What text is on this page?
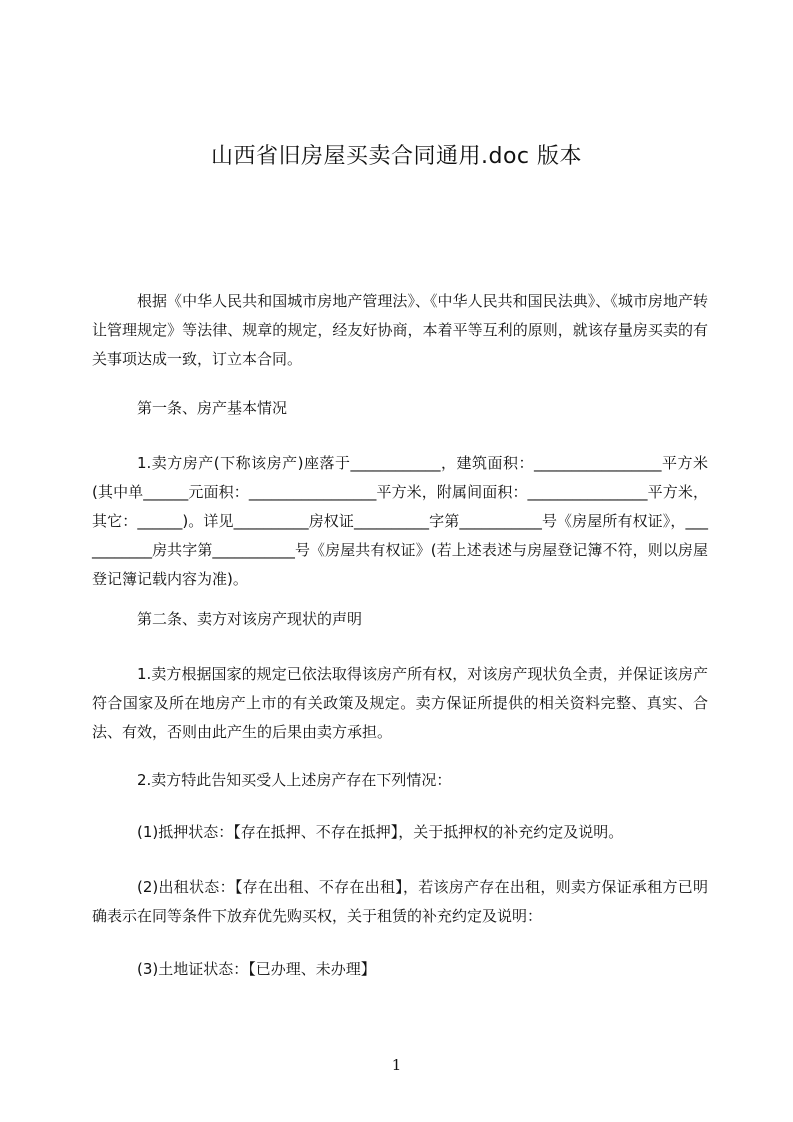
山西省旧房屋买卖合同通用.doc 版本

根据《中华人民共和国城市房地产管理法》、《中华人民共和国民法典》、《城市房地产转让管理规定》等法律、规章的规定，经友好协商，本着平等互利的原则，就该存量房买卖的有关事项达成一致，订立本合同。

第一条、房产基本情况

1.卖方房产(下称该房产)座落于____________，建筑面积：_________________平方米(其中单______元面积：_________________平方米，附属间面积：________________平方米，其它：______)。详见__________房权证__________字第___________号《房屋所有权证》，___________房共字第___________号《房屋共有权证》(若上述表述与房屋登记簿不符，则以房屋登记簿记载内容为准)。

第二条、卖方对该房产现状的声明

1.卖方根据国家的规定已依法取得该房产所有权，对该房产现状负全责，并保证该房产符合国家及所在地房产上市的有关政策及规定。卖方保证所提供的相关资料完整、真实、合法、有效，否则由此产生的后果由卖方承担。

2.卖方特此告知买受人上述房产存在下列情况：

(1)抵押状态：【存在抵押、不存在抵押】，关于抵押权的补充约定及说明。

(2)出租状态：【存在出租、不存在出租】，若该房产存在出租，则卖方保证承租方已明确表示在同等条件下放弃优先购买权，关于租赁的补充约定及说明：

(3)土地证状态：【已办理、未办理】

1
